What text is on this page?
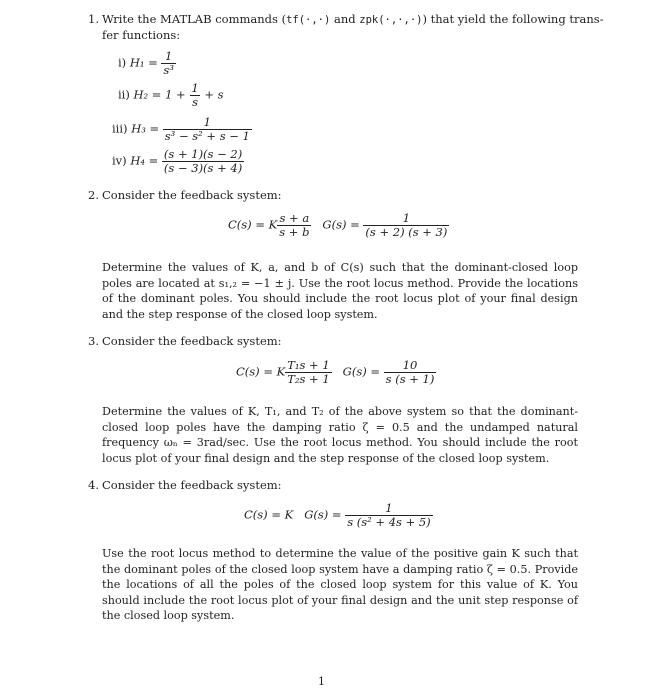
1. Write the MATLAB commands (tf(·,·) and zpk(·,·,·)) that yield the following trans-
fer functions:
i) $H_1 = \frac{1}{\text{s³}}$
ii) $H_2 = 1 + \frac{1}{s} + s$
iii) $H_3 = \frac{1}{\text{s³ − s² + s − 1}}$
iv) $H_4 = \frac{(s + 1)(s - 2)}{(s - 3)(s + 4)}$
2. Consider the feedback system:
C(s) = K $\frac{s + a}{s + b} G(s) = \frac{1}{(s + 2) (s + 3)}$
Determine the values of K, a, and b of C(s) such that the dominant-closed loop poles are located at s₁,₂ = −1 ± j. Use the root locus method. Provide the locations of the dominant poles. You should include the root locus plot of your final design and the step response of the closed loop system.
3. Consider the feedback system:
C(s) = K $\frac{\text{T₁s + 1}}{\text{T₂s + 1}} G(s) = \frac{10}{s (s + 1)}$
Determine the values of K, T₁, and T₂ of the above system so that the dominant-closed loop poles have the damping ratio ζ = 0.5 and the undamped natural frequency ωₙ = 3rad/sec. Use the root locus method. You should include the root locus plot of your final design and the step response of the closed loop system.
4. Consider the feedback system:
C(s) = K $G(s) = \frac{1}{\text{s (s² + 4s + 5)}}$
Use the root locus method to determine the value of the positive gain K such that the dominant poles of the closed loop system have a damping ratio ζ = 0.5. Provide the locations of all the poles of the closed loop system for this value of K. You should include the root locus plot of your final design and the unit step response of the closed loop system.
1
